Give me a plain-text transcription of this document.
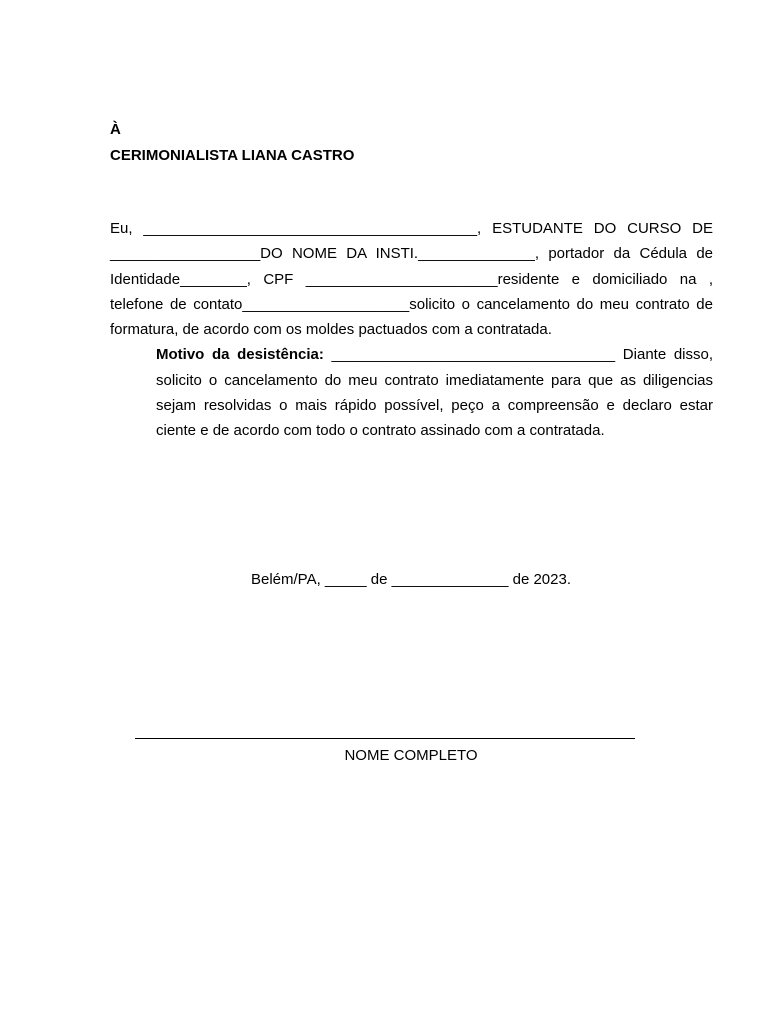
À
CERIMONIALISTA LIANA CASTRO

Eu, ________________________________________, ESTUDANTE DO CURSO DE __________________DO NOME DA INSTI.______________, portador da Cédula de Identidade________, CPF _______________________residente e domiciliado na , telefone de contato____________________solicito o cancelamento do meu contrato de formatura, de acordo com os moldes pactuados com a contratada.

Motivo da desistência: __________________________________ Diante disso, solicito o cancelamento do meu contrato imediatamente para que as diligencias sejam resolvidas o mais rápido possível, peço a compreensão e declaro estar ciente e de acordo com todo o contrato assinado com a contratada.

Belém/PA, _____ de ______________ de 2023.
NOME COMPLETO
